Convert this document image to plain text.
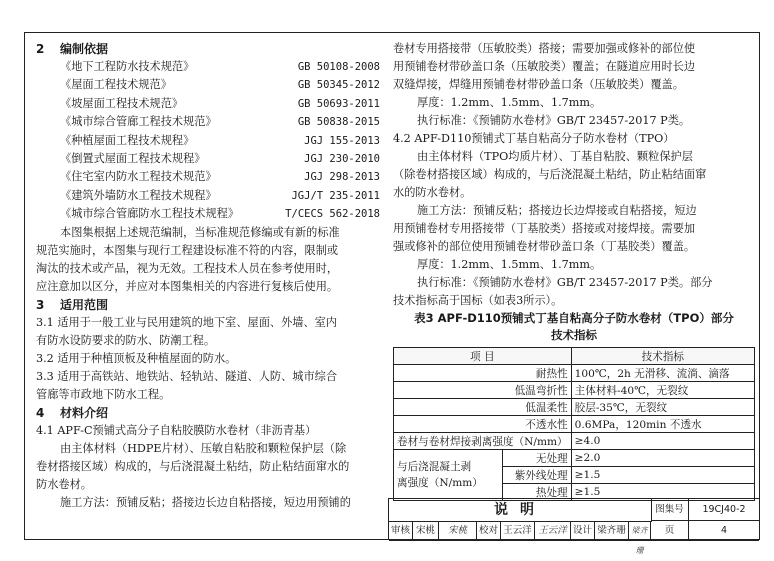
2 编制依据
《地下工程防水技术规范》	GB 50108-2008
《屋面工程技术规范》	GB 50345-2012
《坡屋面工程技术规范》	GB 50693-2011
《城市综合管廊工程技术规范》	GB 50838-2015
《种植屋面工程技术规程》	JGJ 155-2013
《倒置式屋面工程技术规程》	JGJ 230-2010
《住宅室内防水工程技术规范》	JGJ 298-2013
《建筑外墙防水工程技术规程》	JGJ/T 235-2011
《城市综合管廊防水工程技术规程》	T/CECS 562-2018
本图集根据上述规范编制，当标准规范修编或有新的标准
规范实施时，本图集与现行工程建设标准不符的内容，限制或
淘汰的技术或产品，视为无效。工程技术人员在参考使用时，
应注意加以区分，并应对本图集相关的内容进行复核后使用。
3 适用范围
3.1 适用于一般工业与民用建筑的地下室、屋面、外墙、室内
有防水设防要求的防水、防潮工程。
3.2 适用于种植顶板及种植屋面的防水。
3.3 适用于高铁站、地铁站、轻轨站、隧道、人防、城市综合
管廊等市政地下防水工程。
4 材料介绍
4.1 APF-C预铺式高分子自粘胶膜防水卷材（非沥青基）
由主体材料（HDPE片材）、压敏自粘胶和颗粒保护层（除
卷材搭接区域）构成的，与后浇混凝土粘结，防止粘结面窜水的
防水卷材。
施工方法：预铺反粘；搭接边长边自粘搭接，短边用预铺的
卷材专用搭接带（压敏胶类）搭接；需要加强或修补的部位使
用预铺卷材带砂盖口条（压敏胶类）覆盖；在隧道应用时长边
双缝焊接，焊缝用预铺卷材带砂盖口条（压敏胶类）覆盖。
厚度：1.2mm、1.5mm、1.7mm。
执行标准：《预铺防水卷材》GB/T 23457-2017 P类。
4.2 APF-D110预铺式丁基自粘高分子防水卷材（TPO）
由主体材料（TPO均质片材）、丁基自粘胶、颗粒保护层
（除卷材搭接区域）构成的，与后浇混凝土粘结，防止粘结面窜
水的防水卷材。
施工方法：预铺反粘；搭接边长边焊接或自粘搭接，短边
用预铺卷材专用搭接带（丁基胶类）搭接或对接焊接。需要加
强或修补的部位使用预铺卷材带砂盖口条（丁基胶类）覆盖。
厚度：1.2mm、1.5mm、1.7mm。
执行标准：《预铺防水卷材》GB/T 23457-2017 P类。部分
技术指标高于国标（如表3所示）。
表3 APF-D110预铺式丁基自粘高分子防水卷材（TPO）部分
技术指标
项 目		技术指标
耐热性		100℃，2h 无滑移、流淌、滴落
低温弯折性		主体材料-40℃，无裂纹
低温柔性		胶层-35℃，无裂纹
不透水性		0.6MPa，120min 不透水
卷材与卷材焊接剥离强度（N/mm）		≥4.0

与后浇混凝土剥
离强度（N/mm）	无处理	≥2.0
	紫外线处理	≥1.5
	热处理	≥1.5
说明	图集号	19CJ40-2
审核 宋桃	宋桃	校对 王云洋 王云洋 设计 梁齐珊 梁齐珊
页	4
